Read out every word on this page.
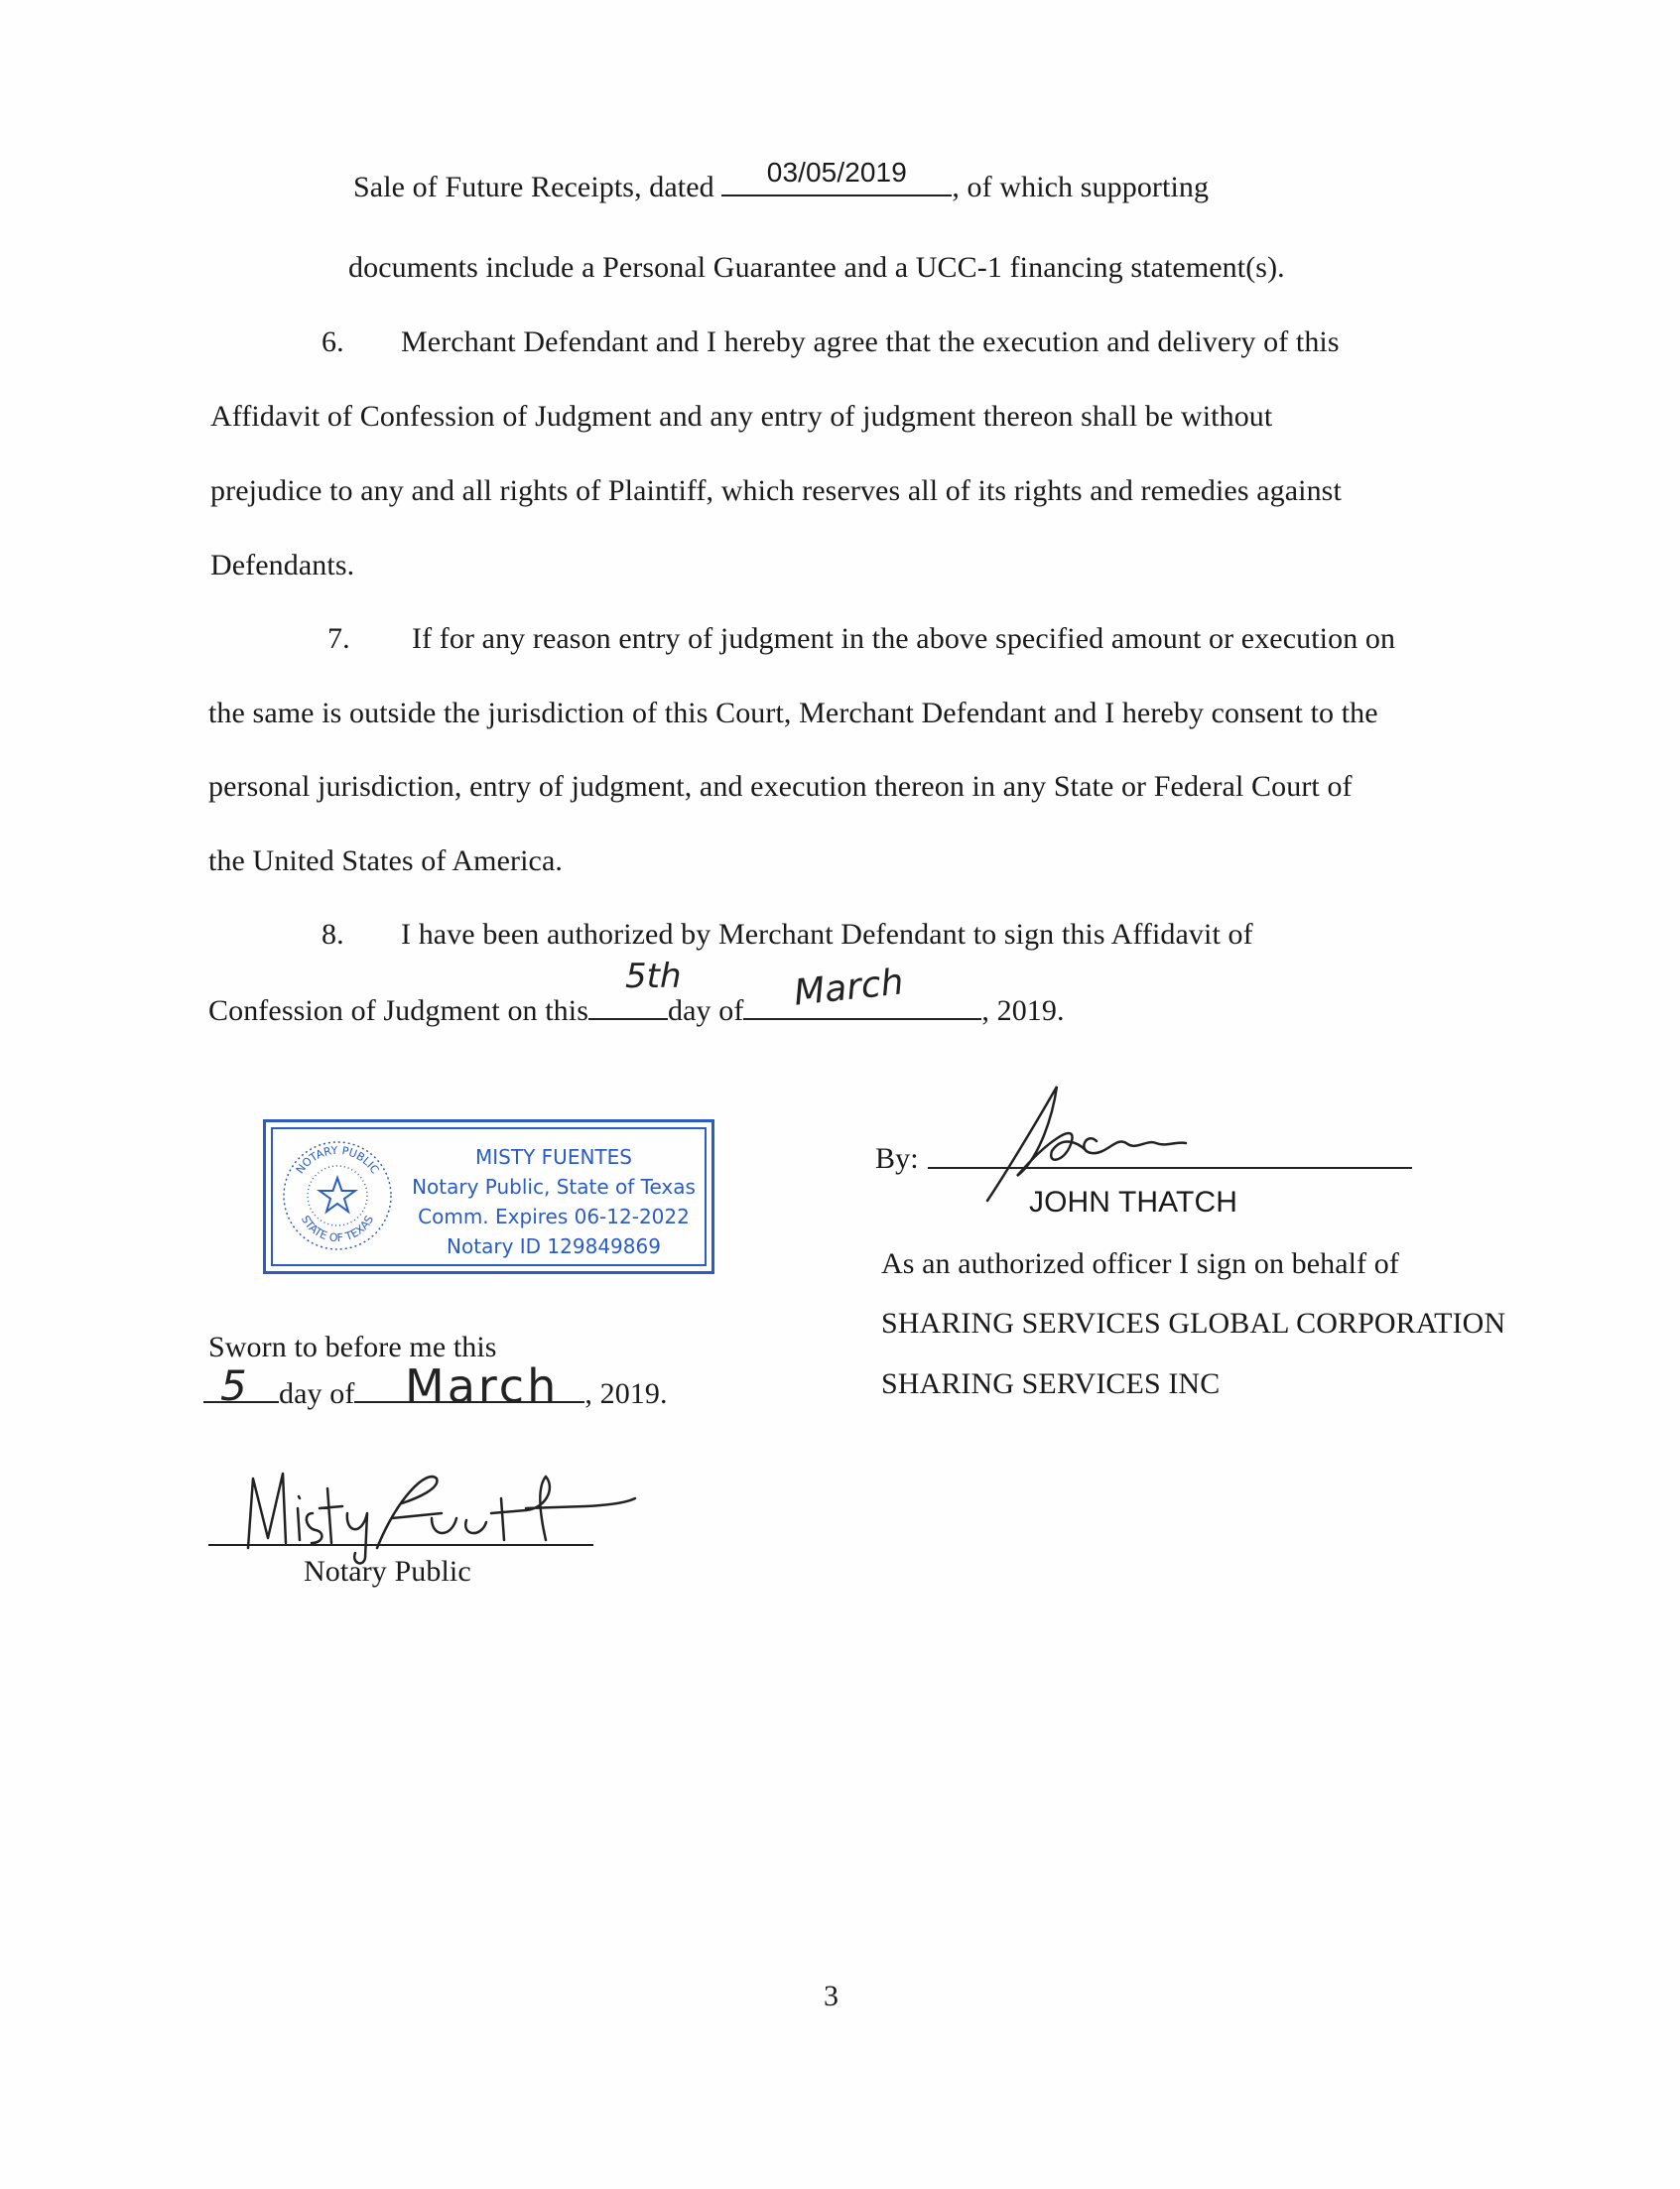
Sale of Future Receipts, dated	03/05/2019	, of which supporting
documents include a Personal Guarantee and a UCC-1 financing statement(s).
6. Merchant Defendant and I hereby agree that the execution and delivery of this
Affidavit of Confession of Judgment and any entry of judgment thereon shall be without
prejudice to any and all rights of Plaintiff, which reserves all of its rights and remedies against
Defendants.
7. If for any reason entry of judgment in the above specified amount or execution on
the same is outside the jurisdiction of this Court, Merchant Defendant and I hereby consent to the
personal jurisdiction, entry of judgment, and execution thereon in any State or Federal Court of
the United States of America.
8. I have been authorized by Merchant Defendant to sign this Affidavit of
Confession of Judgment on this	day of	, 2019.
5th	March
NOTARY PUBLIC
STATE OF TEXAS
MISTY FUENTES
Notary Public, State of Texas
Comm. Expires 06-12-2022
Notary ID 129849869
By:
JOHN THATCH
As an authorized officer I sign on behalf of
SHARING SERVICES GLOBAL CORPORATION
SHARING SERVICES INC
Sworn to before me this
day of	, 2019.
5	March
Notary Public
3
